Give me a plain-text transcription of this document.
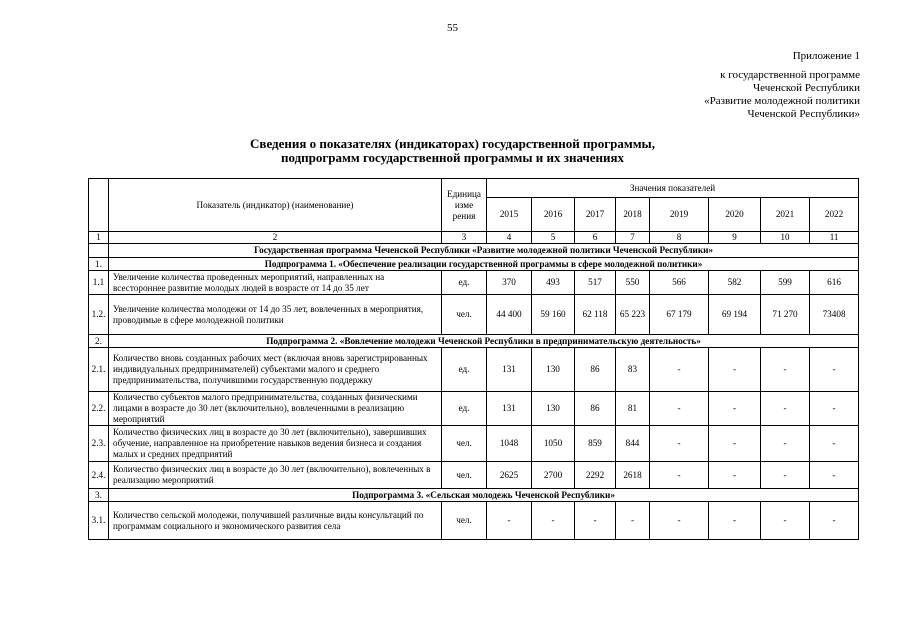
55
Приложение 1
к государственной программе
Чеченской Республики
«Развитие молодежной политики
Чеченской Республики»
Сведения о показателях (индикаторах) государственной программы,
подпрограмм государственной программы и их значениях
	Показатель (индикатор) (наименование)	Единица изме рения	Значения показателей							
			2015	2016	2017	2018	2019	2020	2021	2022
1	2	3	4	5	6	7	8	9	10	11
	Государственная программа Чеченской Республики «Развитие молодежной политики Чеченской Республики»									
1.	Подпрограмма 1. «Обеспечение реализации государственной программы в сфере молодежной политики»									
1.1	Увеличение количества проведенных мероприятий, направленных на всестороннее развитие молодых людей в возрасте от 14 до 35 лет	ед.	370	493	517	550	566	582	599	616
1.2.	Увеличение количества молодежи от 14 до 35 лет, вовлеченных в мероприятия, проводимые в сфере молодежной политики	чел.	44 400	59 160	62 118	65 223	67 179	69 194	71 270	73408
2.	Подпрограмма 2. «Вовлечение молодежи Чеченской Республики в предпринимательскую деятельность»									
2.1.	Количество вновь созданных рабочих мест (включая вновь зарегистрированных индивидуальных предпринимателей) субъектами малого и среднего предпринимательства, получившими государственную поддержку	ед.	131	130	86	83	-	-	-	-
2.2.	Количество субъектов малого предпринимательства, созданных физическими лицами в возрасте до 30 лет (включительно), вовлеченными в реализацию мероприятий	ед.	131	130	86	81	-	-	-	-
2.3.	Количество физических лиц в возрасте до 30 лет (включительно), завершивших обучение, направленное на приобретение навыков ведения бизнеса и создания малых и средних предприятий	чел.	1048	1050	859	844	-	-	-	-
2.4.	Количество физических лиц в возрасте до 30 лет (включительно), вовлеченных в реализацию мероприятий	чел.	2625	2700	2292	2618	-	-	-	-
3.	Подпрограмма 3. «Сельская молодежь Чеченской Республики»									
3.1.	Количество сельской молодежи, получившей различные виды консультаций по программам социального и экономического развития села	чел.	-	-	-	-	-	-	-	-
